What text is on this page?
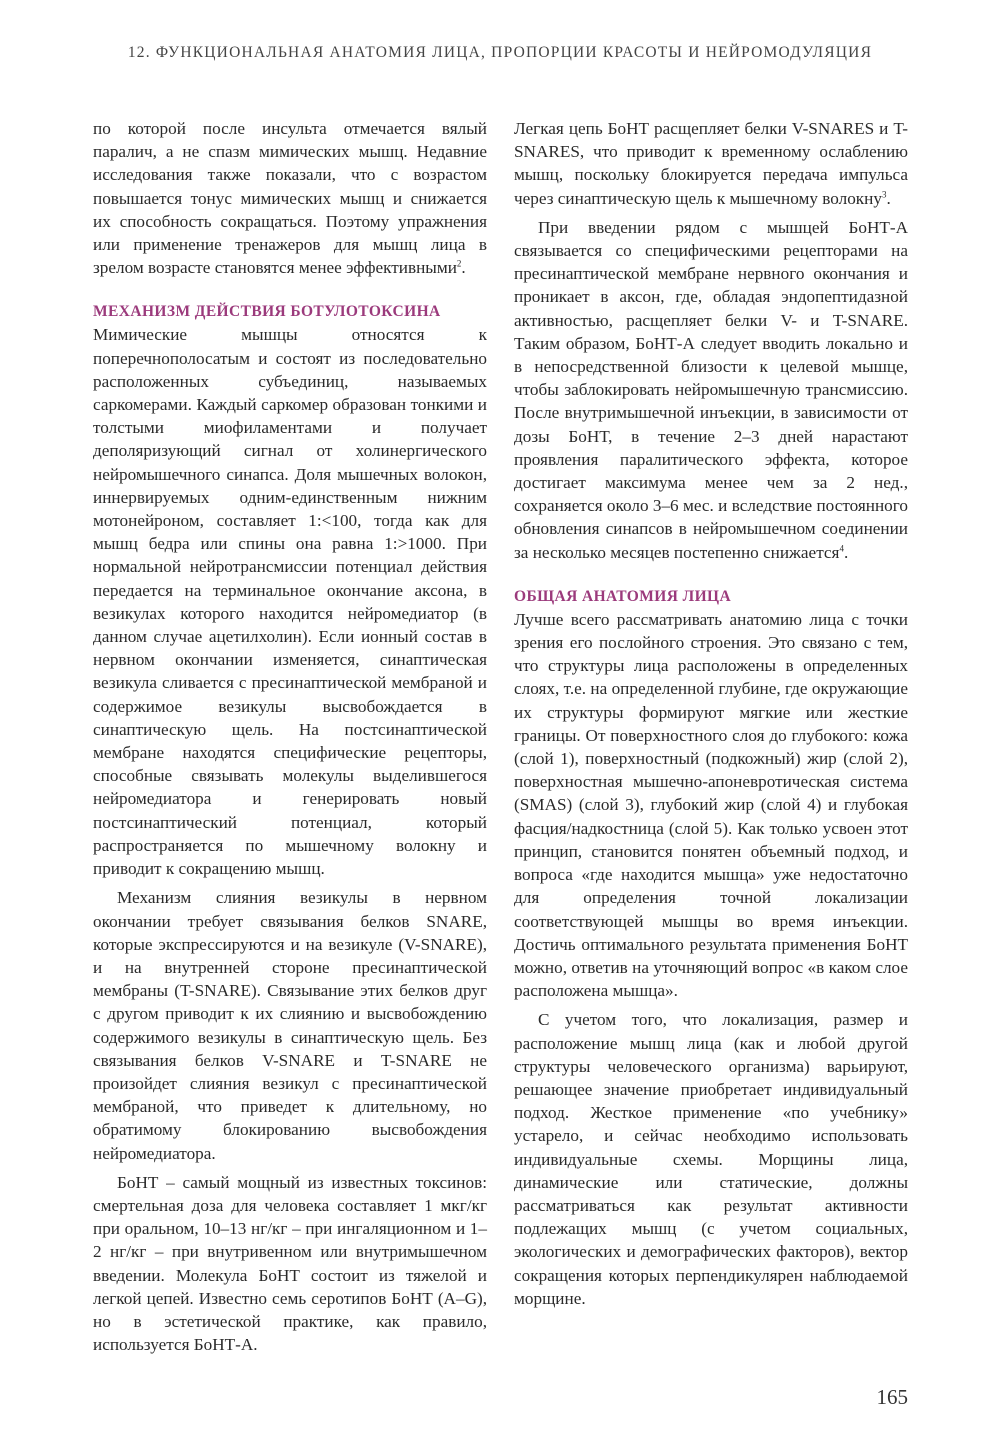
12. ФУНКЦИОНАЛЬНАЯ АНАТОМИЯ ЛИЦА, ПРОПОРЦИИ КРАСОТЫ И НЕЙРОМОДУЛЯЦИЯ

по которой после инсульта отмечается вялый паралич, а не спазм мимических мышц. Недавние исследования также показали, что с возрастом повышается тонус мимических мышц и снижается их способность сокращаться. Поэтому упражнения или применение тренажеров для мышц лица в зрелом возрасте становятся менее эффективными$^2$.

МЕХАНИЗМ ДЕЙСТВИЯ БОТУЛОТОКСИНА

Мимические мышцы относятся к поперечнополосатым и состоят из последовательно расположенных субъединиц, называемых саркомерами. Каждый саркомер образован тонкими и толстыми миофиламентами и получает деполяризующий сигнал от холинергического нейромышечного синапса. Доля мышечных волокон, иннервируемых одним-единственным нижним мотонейроном, составляет 1:<100, тогда как для мышц бедра или спины она равна 1:>1000. При нормальной нейротрансмиссии потенциал действия передается на терминальное окончание аксона, в везикулах которого находится нейромедиатор (в данном случае ацетилхолин). Если ионный состав в нервном окончании изменяется, синаптическая везикула сливается с пресинаптической мембраной и содержимое везикулы высвобождается в синаптическую щель. На постсинаптической мембране находятся специфические рецепторы, способные связывать молекулы выделившегося нейромедиатора и генерировать новый постсинаптический потенциал, который распространяется по мышечному волокну и приводит к сокращению мышц.

Механизм слияния везикулы в нервном окончании требует связывания белков SNARE, которые экспрессируются и на везикуле (V-SNARE), и на внутренней стороне пресинаптической мембраны (T-SNARE). Связывание этих белков друг с другом приводит к их слиянию и высвобождению содержимого везикулы в синаптическую щель. Без связывания белков V-SNARE и T-SNARE не произойдет слияния везикул с пресинаптической мембраной, что приведет к длительному, но обратимому блокированию высвобождения нейромедиатора.

БоНТ – самый мощный из известных токсинов: смертельная доза для человека составляет 1 мкг/кг при оральном, 10–13 нг/кг – при ингаляционном и 1–2 нг/кг – при внутривенном или внутримышечном введении. Молекула БоНТ состоит из тяжелой и легкой цепей. Известно семь серотипов БоНТ (A–G), но в эстетической практике, как правило, используется БоНТ-А.

Легкая цепь БоНТ расщепляет белки V-SNARES и T-SNARES, что приводит к временному ослаблению мышц, поскольку блокируется передача импульса через синаптическую щель к мышечному волокну$^3$.

При введении рядом с мышцей БоНТ-А связывается со специфическими рецепторами на пресинаптической мембране нервного окончания и проникает в аксон, где, обладая эндопептидазной активностью, расщепляет белки V- и T-SNARE. Таким образом, БоНТ-А следует вводить локально и в непосредственной близости к целевой мышце, чтобы заблокировать нейромышечную трансмиссию. После внутримышечной инъекции, в зависимости от дозы БоНТ, в течение 2–3 дней нарастают проявления паралитического эффекта, которое достигает максимума менее чем за 2 нед., сохраняется около 3–6 мес. и вследствие постоянного обновления синапсов в нейромышечном соединении за несколько месяцев постепенно снижается$^4$.

ОБЩАЯ АНАТОМИЯ ЛИЦА

Лучше всего рассматривать анатомию лица с точки зрения его послойного строения. Это связано с тем, что структуры лица расположены в определенных слоях, т.е. на определенной глубине, где окружающие их структуры формируют мягкие или жесткие границы. От поверхностного слоя до глубокого: кожа (слой 1), поверхностный (подкожный) жир (слой 2), поверхностная мышечно-апоневротическая система (SMAS) (слой 3), глубокий жир (слой 4) и глубокая фасция/надкостница (слой 5). Как только усвоен этот принцип, становится понятен объемный подход, и вопроса «где находится мышца» уже недостаточно для определения точной локализации соответствующей мышцы во время инъекции. Достичь оптимального результата применения БоНТ можно, ответив на уточняющий вопрос «в каком слое расположена мышца».

С учетом того, что локализация, размер и расположение мышц лица (как и любой другой структуры человеческого организма) варьируют, решающее значение приобретает индивидуальный подход. Жесткое применение «по учебнику» устарело, и сейчас необходимо использовать индивидуальные схемы. Морщины лица, динамические или статические, должны рассматриваться как результат активности подлежащих мышц (с учетом социальных, экологических и демографических факторов), вектор сокращения которых перпендикулярен наблюдаемой морщине.

165
